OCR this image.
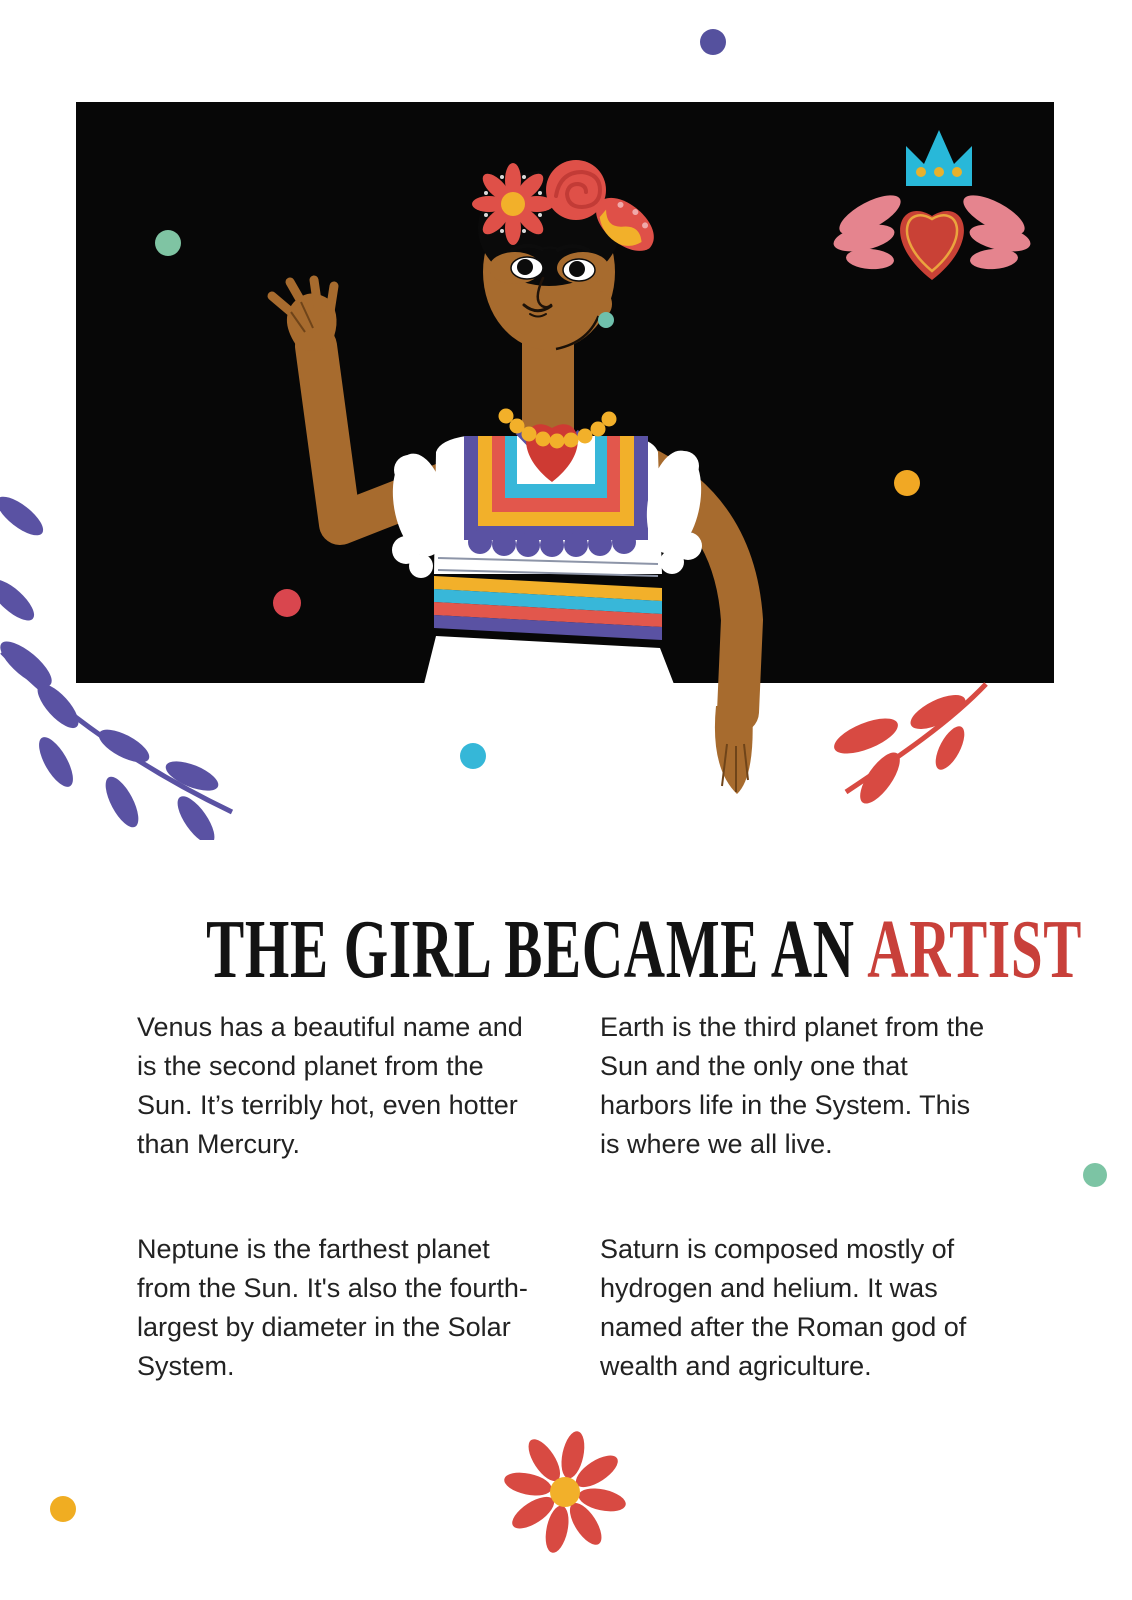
THE GIRL BECAME AN ARTIST

Venus has a beautiful name and is the second planet from the Sun. It’s terribly hot, even hotter than Mercury.

Earth is the third planet from the Sun and the only one that harbors life in the System. This is where we all live.

Neptune is the farthest planet from the Sun. It's also the fourth-largest by diameter in the Solar System.

Saturn is composed mostly of hydrogen and helium. It was named after the Roman god of wealth and agriculture.
